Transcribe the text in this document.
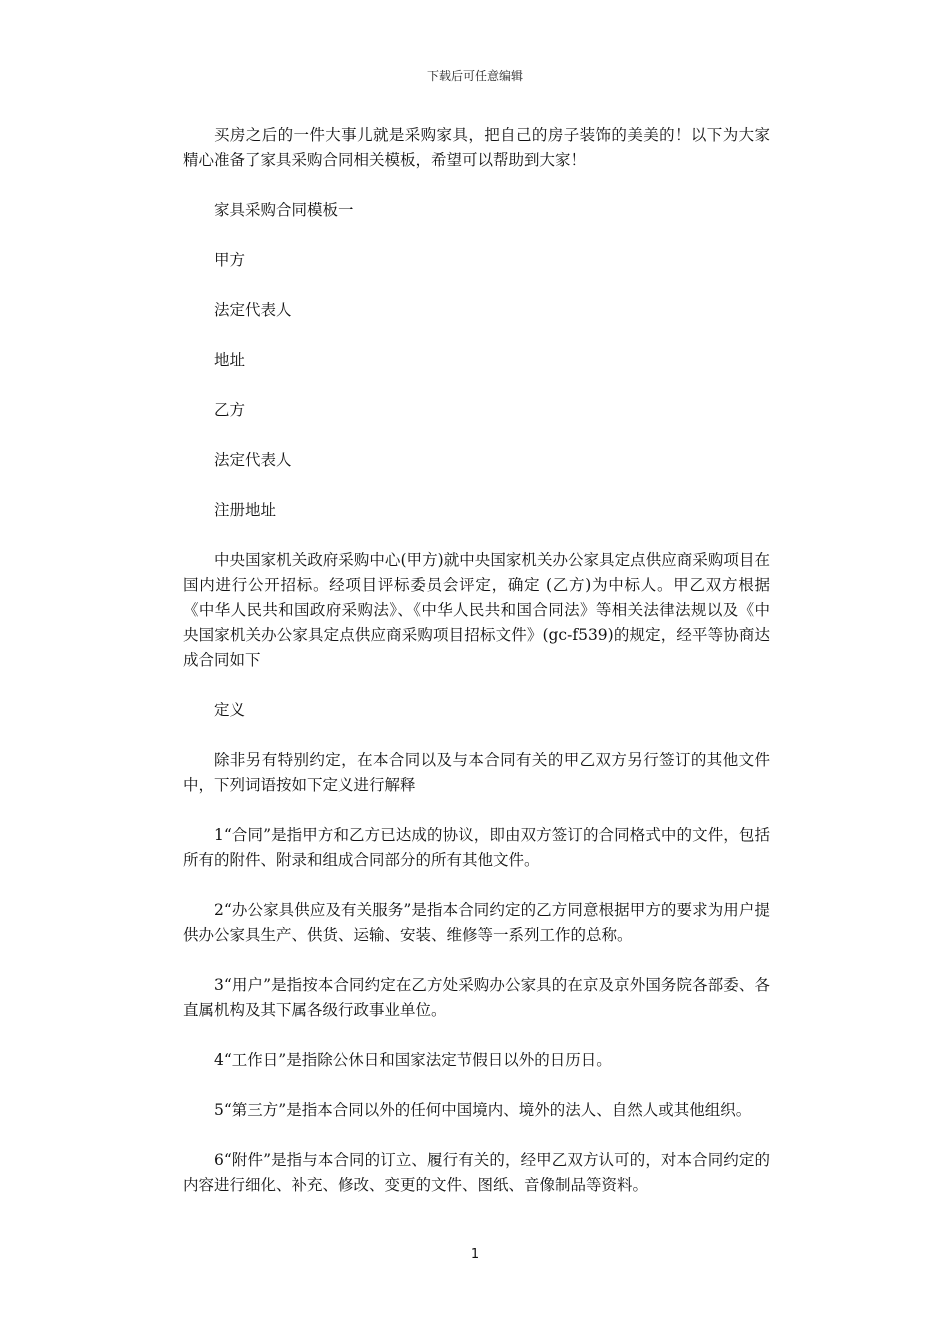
下载后可任意编辑

买房之后的一件大事儿就是采购家具，把自己的房子装饰的美美的！以下为大家精心准备了家具采购合同相关模板，希望可以帮助到大家！

家具采购合同模板一

甲方

法定代表人

地址

乙方

法定代表人

注册地址

中央国家机关政府采购中心(甲方)就中央国家机关办公家具定点供应商采购项目在国内进行公开招标。经项目评标委员会评定，确定 (乙方)为中标人。甲乙双方根据《中华人民共和国政府采购法》、《中华人民共和国合同法》等相关法律法规以及《中央国家机关办公家具定点供应商采购项目招标文件》(gc-f539)的规定，经平等协商达成合同如下

定义

除非另有特别约定，在本合同以及与本合同有关的甲乙双方另行签订的其他文件中，下列词语按如下定义进行解释

1“合同”是指甲方和乙方已达成的协议，即由双方签订的合同格式中的文件，包括所有的附件、附录和组成合同部分的所有其他文件。

2“办公家具供应及有关服务”是指本合同约定的乙方同意根据甲方的要求为用户提供办公家具生产、供货、运输、安装、维修等一系列工作的总称。

3“用户”是指按本合同约定在乙方处采购办公家具的在京及京外国务院各部委、各直属机构及其下属各级行政事业单位。

4“工作日”是指除公休日和国家法定节假日以外的日历日。

5“第三方”是指本合同以外的任何中国境内、境外的法人、自然人或其他组织。

6“附件”是指与本合同的订立、履行有关的，经甲乙双方认可的，对本合同约定的内容进行细化、补充、修改、变更的文件、图纸、音像制品等资料。

1
